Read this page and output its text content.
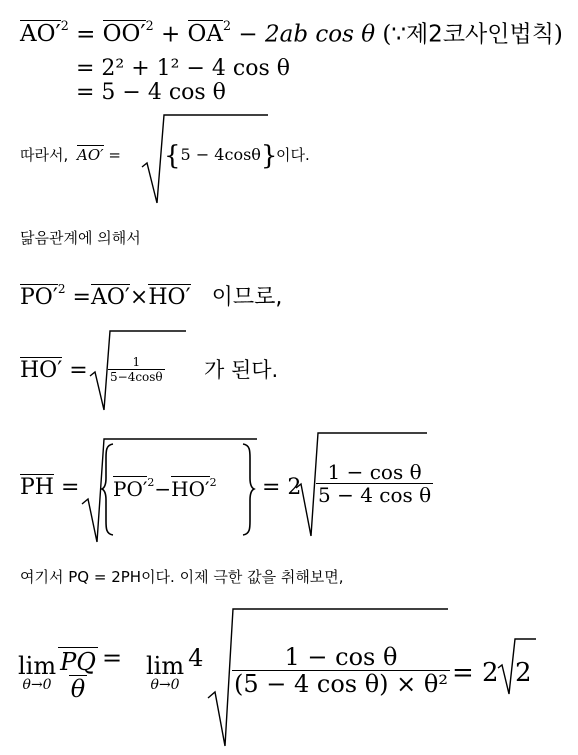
$AO'^2 = OO'^2 + OA^2 - 2ab$ cos θ (∵제2코사인법칙)
= 2² + 1² − 4 cos θ
= 5 − 4 cos θ
따라서, AO′ = {5 − 4cosθ}
이다.
닮음관계에 의해서
$PO'^2 =AO'\times HO'$ 이므로,
$HO' = \frac{1}{5-4\cos\theta}$ 가 된다.
PH = $PO'^2-HO'^2 = 2 \frac{\text{1 − cos θ}}{\text{5 − 4 cos θ}}$
여기서 PQ = 2PH이다. 이제 극한 값을 취해보면,
lim
$\theta\to 0 \frac{PQ}{\theta} = \lim$
θ→0
$4 \frac{\text{1 − cos θ}}{\text{(5 − 4 cos θ) × θ²}} = 2$ 2
